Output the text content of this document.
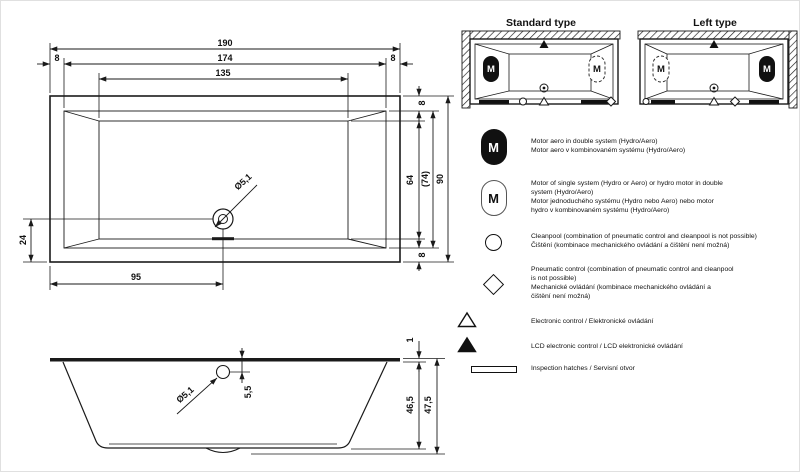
190
8	174	8
135
8
64 (74) 90
8
24
95
Ø5,1
1
5,5
46,5 47,5
Ø5,1
Standard type
M	M
Left type
M	M
M	Motor aero in double system (Hydro/Aero)
Motor aero v kombinovaném systému (Hydro/Aero)
M
Motor of single system (Hydro or Aero) or hydro motor in double
system (Hydro/Aero)
Motor jednoduchého systému (Hydro nebo Aero) nebo motor
hydro v kombinovaném systému (Hydro/Aero)
Cleanpool (combination of pneumatic control and cleanpool is not possible)
Čištění (kombinace mechanického ovládání a čištění není možná)
Pneumatic control (combination of pneumatic control and cleanpool
is not possible)
Mechanické ovládání (kombinace mechanického ovládání a
čištění není možná)
Electronic control / Elektronické ovládání
LCD electronic control / LCD elektronické ovládání
Inspection hatches / Servisní otvor
